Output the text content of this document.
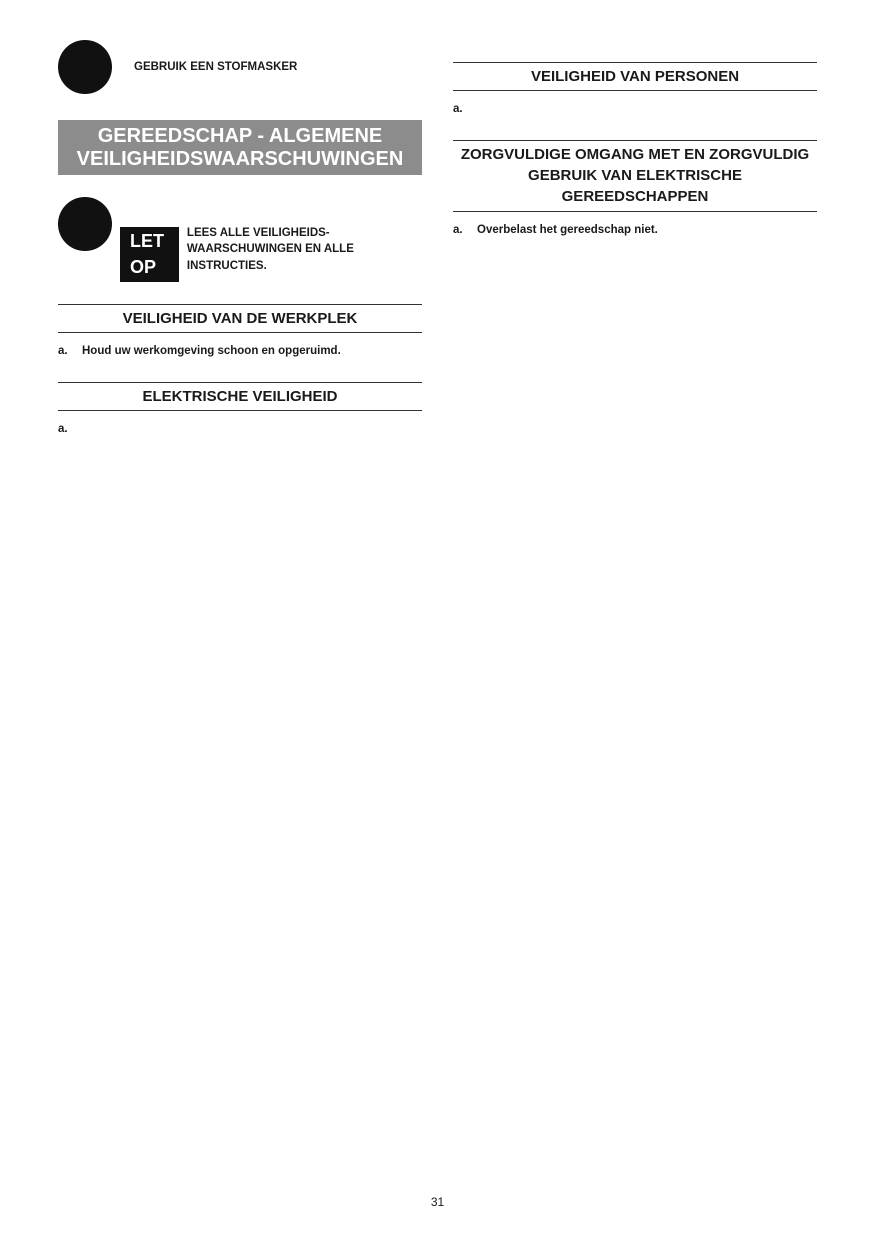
GEBRUIK EEN STOFMASKER
GEREEDSCHAP - ALGEMENE VEILIGHEIDSWAARSCHUWINGEN
LET OP
LEES ALLE VEILIGHEIDS-WAARSCHUWINGEN EN ALLE INSTRUCTIES.

VEILIGHEID VAN DE WERKPLEK
a.	Houd uw werkomgeving schoon en opgeruimd.
ELEKTRISCHE VEILIGHEID
a.
VEILIGHEID VAN PERSONEN
a.
ZORGVULDIGE OMGANG MET EN ZORGVULDIG GEBRUIK VAN ELEKTRISCHE GEREEDSCHAPPEN
a.	Overbelast het gereedschap niet.
31
